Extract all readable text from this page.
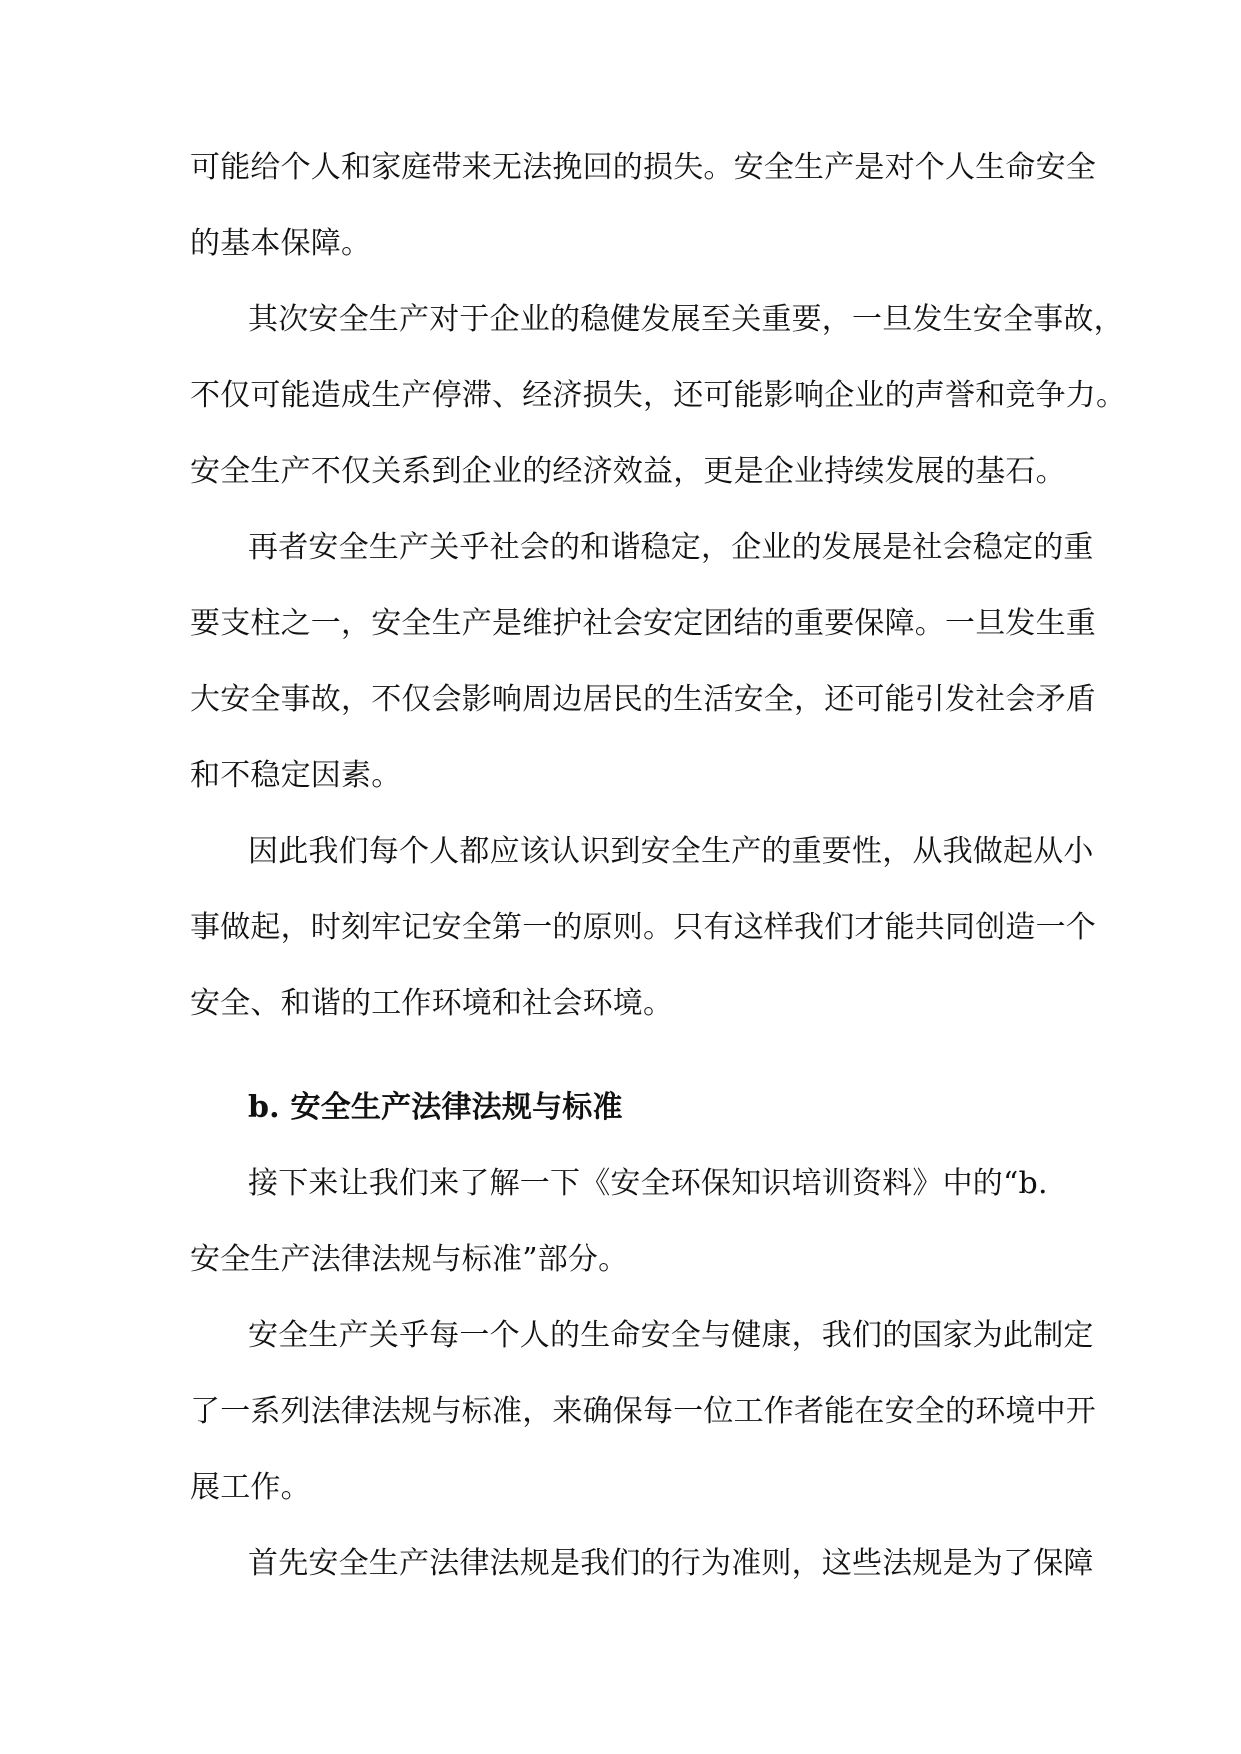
可能给个人和家庭带来无法挽回的损失。安全生产是对个人生命安全
的基本保障。
其次安全生产对于企业的稳健发展至关重要，一旦发生安全事故，
不仅可能造成生产停滞、经济损失，还可能影响企业的声誉和竞争力。
安全生产不仅关系到企业的经济效益，更是企业持续发展的基石。
再者安全生产关乎社会的和谐稳定，企业的发展是社会稳定的重
要支柱之一，安全生产是维护社会安定团结的重要保障。一旦发生重
大安全事故，不仅会影响周边居民的生活安全，还可能引发社会矛盾
和不稳定因素。
因此我们每个人都应该认识到安全生产的重要性，从我做起从小
事做起，时刻牢记安全第一的原则。只有这样我们才能共同创造一个
安全、和谐的工作环境和社会环境。
b. 安全生产法律法规与标准
接下来让我们来了解一下《安全环保知识培训资料》中的“b.
安全生产法律法规与标准”部分。
安全生产关乎每一个人的生命安全与健康，我们的国家为此制定
了一系列法律法规与标准，来确保每一位工作者能在安全的环境中开
展工作。
首先安全生产法律法规是我们的行为准则，这些法规是为了保障
